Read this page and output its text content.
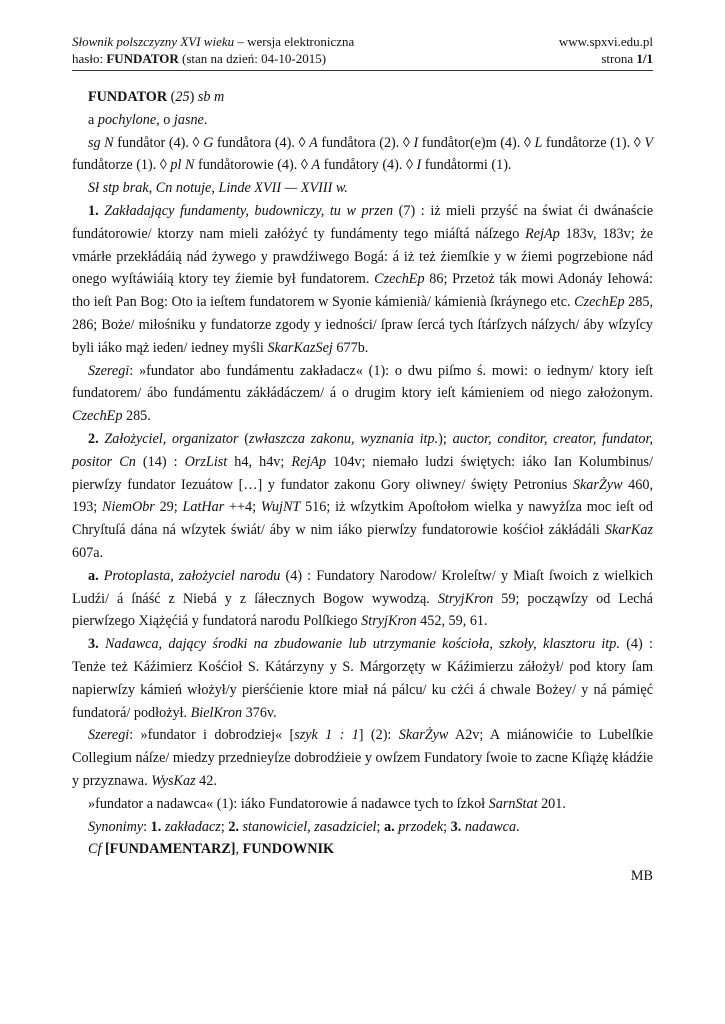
Słownik polszczyzny XVI wieku – wersja elektroniczna	www.spxvi.edu.pl
hasło: FUNDATOR (stan na dzień: 04-10-2015)	strona 1/1

FUNDATOR (25) sb m

a pochylone, o jasne.

sg N fundåtor (4). ◊ G fundåtora (4). ◊ A fundåtora (2). ◊ I fundåtor(e)m (4). ◊ L fundåtorze (1). ◊ V fundåtorze (1). ◊ pl N fundåtorowie (4). ◊ A fundåtory (4). ◊ I fundåtormi (1).

Sł stp brak, Cn notuje, Linde XVII — XVIII w.

1. Zakładający fundamenty, budowniczy, tu w przen (7) : iż mieli przyść na świat ći dwánaście fundátorowie/ ktorzy nam mieli załóżyć ty fundámenty tego miáſtá náſzego RejAp 183v, 183v; że vmárłe przekłádáią nád żywego y prawdźiwego Bogá: á iż też źiemſkie y w źiemi pogrzebione nád onego wyſtáwiáią ktory tey źiemie był fundatorem. CzechEp 86; Przetoż ták mowi Adonáy Iehowá: tho ieſt Pan Bog: Oto ia ieſtem fundatorem w Syonie kámienià/ kámienià ſkráynego etc. CzechEp 285, 286; Boże/ miłośniku y fundatorze zgody y iedności/ ſpraw ſercá tych ſtárſzych náſzych/ áby wſzyſcy byli iáko mąż ieden/ iedney myśli SkarKazSej 677b.

Szeregi: »fundator abo fundámentu zakładacz« (1): o dwu piſmo ś. mowi: o iednym/ ktory ieſt fundatorem/ ábo fundámentu zákłádáczem/ á o drugim ktory ieſt kámieniem od niego założonym. CzechEp 285.

2. Założyciel, organizator (zwłaszcza zakonu, wyznania itp.); auctor, conditor, creator, fundator, positor Cn (14) : OrzList h4, h4v; RejAp 104v; niemało ludzi świętych: iáko Ian Kolumbinus/ pierwſzy fundator Iezuátow […] y fundator zakonu Gory oliwney/ święty Petronius SkarŻyw 460, 193; NiemObr 29; LatHar ++4; WujNT 516; iż wſzytkim Apoſtołom wielka y nawyżſza moc ieſt od Chryſtuſá dána ná wſzytek świát/ áby w nim iáko pierwſzy fundatorowie kośćioł zákłádáli SkarKaz 607a.

a. Protoplasta, założyciel narodu (4) : Fundatory Narodow/ Kroleſtw/ y Miaſt ſwoich z wielkich Ludźi/ á ſnáść z Niebá y z ſáłecznych Bogow wywodzą. StryjKron 59; począwſzy od Lechá pierwſzego Xiążęćiá y fundatorá narodu Polſkiego StryjKron 452, 59, 61.

3. Nadawca, dający środki na zbudowanie lub utrzymanie kościoła, szkoły, klasztoru itp. (4) : Tenże też Káźimierz Kośćioł S. Kátárzyny y S. Márgorzęty w Káźimierzu záłożył/ pod ktory ſam napierwſzy kámień włożył/y pierśćienie ktore miał ná pálcu/ ku cżći á chwale Bożey/ y ná pámięć fundatorá/ podłożył. BielKron 376v.

Szeregi: »fundator i dobrodziej« [szyk 1 : 1] (2): SkarŻyw A2v; A miánowićie to Lubelſkie Collegium náſze/ miedzy przednieyſze dobrodźieie y owſzem Fundatory ſwoie to zacne Kſiążę kłádźie y przyznawa. WysKaz 42.

»fundator a nadawca« (1): iáko Fundatorowie á nadawce tych to ſzkoł SarnStat 201.

Synonimy: 1. zakładacz; 2. stanowiciel, zasadziciel; a. przodek; 3. nadawca.

Cf [FUNDAMENTARZ], FUNDOWNIK

MB
